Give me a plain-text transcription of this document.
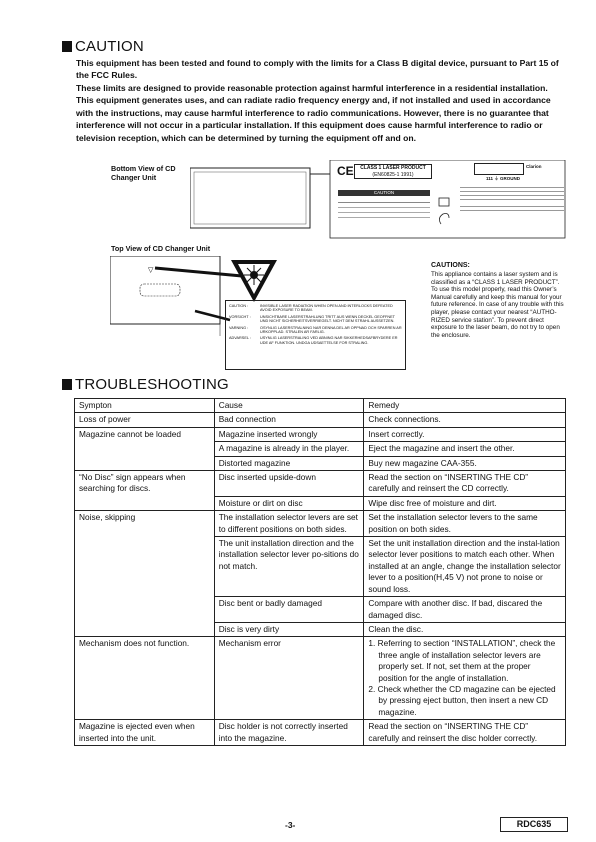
CAUTION
This equipment has been tested and found to comply with the limits for a Class B digital device, pursuant to Part 15 of the FCC Rules.
These limits are designed to provide reasonable protection against harmful interference in a residential installation. This equipment generates uses, and can radiate radio frequency energy and, if not installed and used in accordance with the instructions, may cause harmful interference to radio communications. However, there is no guarantee that interference will not occur in a particular installation. If this equipment does cause harmful interference to radio or television reception, which can be determined by turning the equipment off and on.
Bottom View of CD Changer Unit	CE	CLASS 1 LASER PRODUCT
(EN60825-1 1991)
CAUTION
Clarion
111 ⏚ GROUND
Top View of CD Changer Unit
▽
CAUTION :	INVISIBLE LASER RADIATION WHEN OPEN AND INTERLOCKS DEFEATED AVOID EXPOSURE TO BEAM.
VORSICHT :	UNSICHTBARE LASERSTRAHLUNG TRITT AUS WENN DECKEL GEOFFNET UND NICHT SICHERHEITSVERRIEGELT. NICHT DEM STRAHL AUSSETZEN.
VARNING :	OSYNLIG LASERSTRALNING NAR DENNA DEL AR OPPNAD OCH SPARREN AR URKOPPLAD. STRALEN AR FARLIG.
ADVARSEL :	USYNLIG LASERSTRALING VED ABNING NAR SIKKERHEDSAFBRYDERE ER UDE AF FUNKTION. UNDGA UDSAETTELSE FOR STRALING.
CAUTIONS:
This appliance contains a laser system and is classified as a “CLASS 1 LASER PRODUCT”. To use this model properly, read this Owner’s Manual carefully and keep this manual for your future reference. In case of any trouble with this player, please contact your nearest “AUTHO-RIZED service station”. To prevent direct exposure to the laser beam, do not try to open the enclosure.
TROUBLESHOOTING
Sympton	Cause	Remedy
Loss of power	Bad connection	Check connections.
Magazine cannot be loaded	Magazine inserted wrongly	Insert correctly.
	A magazine is already in the player.	Eject the magazine and insert the other.
	Distorted magazine	Buy new magazine CAA-355.
“No Disc” sign appears when searching for discs.	Disc inserted upside-down	Read the section on “INSERTING THE CD” carefully and reinsert the CD correctly.
	Moisture or dirt on disc	Wipe disc free of moisture and dirt.
Noise, skipping	The installation selector levers are set to different positions on both sides.	Set the installation selector levers to the same position on both sides.
	The unit installation direction and the installation selector lever po-sitions do not match.	Set the unit installation direction and the instal-lation selector lever positions to match each other. When installed at an angle, change the installation selector lever to a position(H,45 V) not prone to noise or sound loss.
	Disc bent or badly damaged	Compare with another disc. If bad, discared the damaged disc.
	Disc is very dirty	Clean the disc.
Mechanism does not function.	Mechanism error	1. Referring to section “INSTALLATION”, check the three angle of installation selector levers are properly set. If not, set them at the proper position for the angle of installation.
2. Check whether the CD magazine can be ejected by pressing eject button, then insert a new CD magazine.

Magazine is ejected even when inserted into the unit.	Disc holder is not correctly inserted into the magazine.	Read the section on “INSERTING THE CD” carefully and reinsert the disc holder correctly.
-3-	RDC635
